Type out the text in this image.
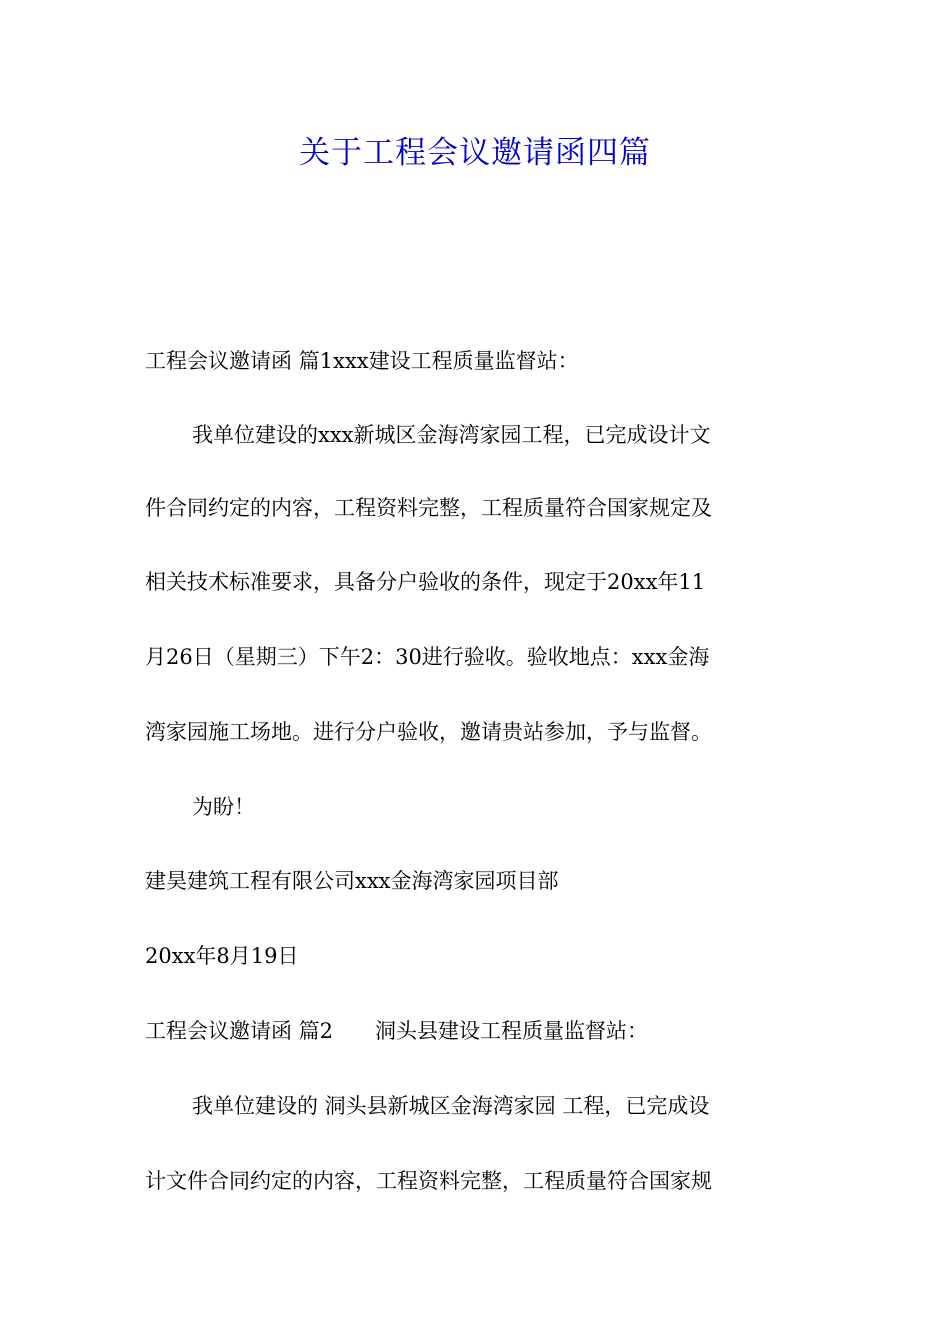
关于工程会议邀请函四篇
工程会议邀请函 篇1xxx建设工程质量监督站：
我单位建设的xxx新城区金海湾家园工程，已完成设计文
件合同约定的内容，工程资料完整，工程质量符合国家规定及
相关技术标准要求，具备分户验收的条件，现定于20xx年11
月26日（星期三）下午2：30进行验收。验收地点：xxx金海
湾家园施工场地。进行分户验收，邀请贵站参加，予与监督。
为盼！
建昊建筑工程有限公司xxx金海湾家园项目部
20xx年8月19日
工程会议邀请函 篇2　　洞头县建设工程质量监督站：
我单位建设的 洞头县新城区金海湾家园 工程，已完成设
计文件合同约定的内容，工程资料完整，工程质量符合国家规
